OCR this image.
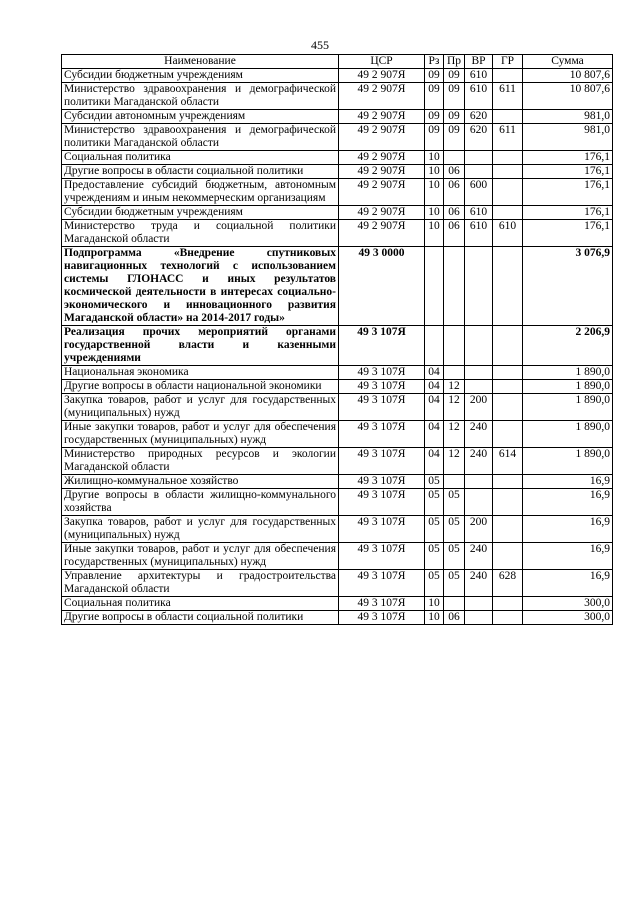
455
Наименование	ЦСР	Рз	Пр	ВР	ГР	Сумма
Субсидии бюджетным учреждениям	49 2 907Я	09	09	610		10 807,6
Министерство здравоохранения и демографической политики Магаданской области	49 2 907Я	09	09	610	611	10 807,6
Субсидии автономным учреждениям	49 2 907Я	09	09	620		981,0
Министерство здравоохранения и демографической политики Магаданской области	49 2 907Я	09	09	620	611	981,0
Социальная политика	49 2 907Я	10				176,1
Другие вопросы в области социальной политики	49 2 907Я	10	06			176,1
Предоставление субсидий бюджетным, автономным учреждениям и иным некоммерческим организациям	49 2 907Я	10	06	600		176,1
Субсидии бюджетным учреждениям	49 2 907Я	10	06	610		176,1
Министерство труда и социальной политики Магаданской области	49 2 907Я	10	06	610	610	176,1
Подпрограмма «Внедрение спутниковых навигационных технологий с использованием системы ГЛОНАСС и иных результатов космической деятельности в интересах социально-экономического и инновационного развития Магаданской области» на 2014-2017 годы»	49 3 0000					3 076,9
Реализация прочих мероприятий органами государственной власти и казенными учреждениями	49 3 107Я					2 206,9
Национальная экономика	49 3 107Я	04				1 890,0
Другие вопросы в области национальной экономики	49 3 107Я	04	12			1 890,0
Закупка товаров, работ и услуг для государственных (муниципальных) нужд	49 3 107Я	04	12	200		1 890,0
Иные закупки товаров, работ и услуг для обеспечения государственных (муниципальных) нужд	49 3 107Я	04	12	240		1 890,0
Министерство природных ресурсов и экологии Магаданской области	49 3 107Я	04	12	240	614	1 890,0
Жилищно-коммунальное хозяйство	49 3 107Я	05				16,9
Другие вопросы в области жилищно-коммунального хозяйства	49 3 107Я	05	05			16,9
Закупка товаров, работ и услуг для государственных (муниципальных) нужд	49 3 107Я	05	05	200		16,9
Иные закупки товаров, работ и услуг для обеспечения государственных (муниципальных) нужд	49 3 107Я	05	05	240		16,9
Управление архитектуры и градостроительства Магаданской области	49 3 107Я	05	05	240	628	16,9
Социальная политика	49 3 107Я	10				300,0
Другие вопросы в области социальной политики	49 3 107Я	10	06			300,0
